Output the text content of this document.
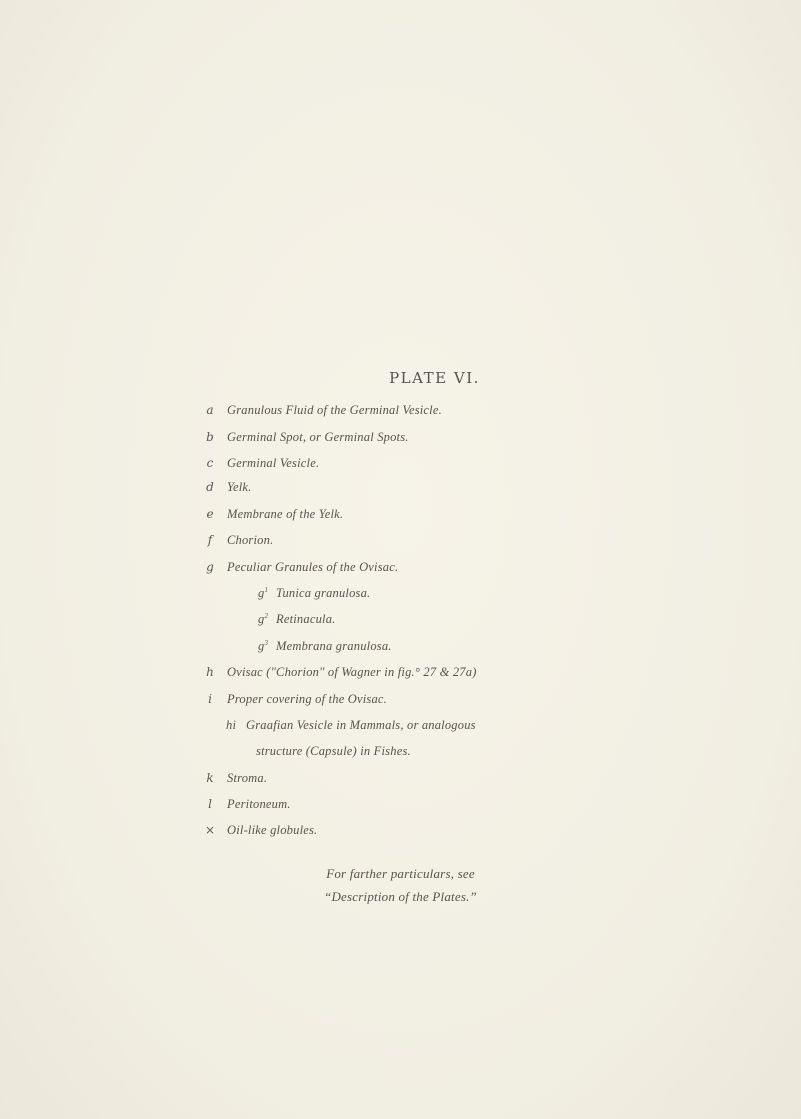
PLATE VI.
a	Granulous Fluid of the Germinal Vesicle.
b	Germinal Spot, or Germinal Spots.
c	Germinal Vesicle.
d	Yelk.
e	Membrane of the Yelk.
f	Chorion.
g	Peculiar Granules of the Ovisac.
$g^1$ Tunica granulosa.
$g^2$ Retinacula.
$g^3$ Membrana granulosa.
h	Ovisac ("Chorion" of Wagner in fig.° 27 & 27a)
i	Proper covering of the Ovisac.
hi Graafian Vesicle in Mammals, or analogous
structure (Capsule) in Fishes.
k	Stroma.
l	Peritoneum.
× Oil-like globules.
For farther particulars, see
“Description of the Plates.”
